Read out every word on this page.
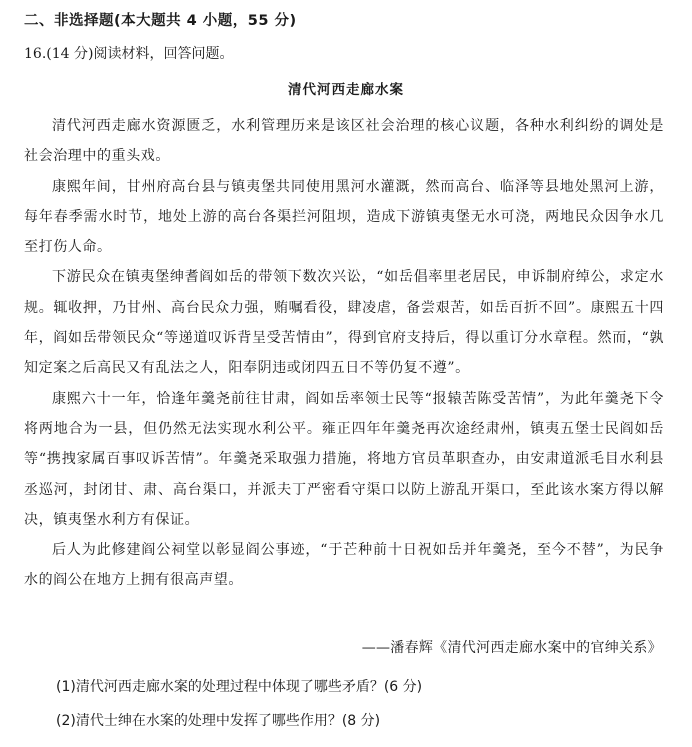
二、非选择题(本大题共 4 小题，55 分)
16.(14 分)阅读材料，回答问题。
清代河西走廊水案

清代河西走廊水资源匮乏，水利管理历来是该区社会治理的核心议题，各种水利纠纷的调处是社会治理中的重头戏。

康熙年间，甘州府高台县与镇夷堡共同使用黑河水灌溉，然而高台、临泽等县地处黑河上游，每年春季需水时节，地处上游的高台各渠拦河阻坝，造成下游镇夷堡无水可浇，两地民众因争水几至打伤人命。

下游民众在镇夷堡绅耆阎如岳的带领下数次兴讼，“如岳倡率里老居民，申诉制府绰公，求定水规。辄收押，乃甘州、高台民众力强，贿嘱看役，肆凌虐，备尝艰苦，如岳百折不回”。康熙五十四年，阎如岳带领民众“等递道叹诉背呈受苦情由”，得到官府支持后，得以重订分水章程。然而，“孰知定案之后高民又有乱法之人，阳奉阴违或闭四五日不等仍复不遵”。

康熙六十一年，恰逢年羹尧前往甘肃，阎如岳率领士民等“报辕苦陈受苦情”，为此年羹尧下令将两地合为一县，但仍然无法实现水利公平。雍正四年年羹尧再次途经肃州，镇夷五堡士民阎如岳等“携拽家属百事叹诉苦情”。年羹尧采取强力措施，将地方官员革职查办，由安肃道派毛目水利县丞巡河，封闭甘、肃、高台渠口，并派夫丁严密看守渠口以防上游乱开渠口，至此该水案方得以解决，镇夷堡水利方有保证。

后人为此修建阎公祠堂以彰显阎公事迹，“于芒种前十日祝如岳并年羹尧，至今不替”，为民争水的阎公在地方上拥有很高声望。

——潘春辉《清代河西走廊水案中的官绅关系》
(1)清代河西走廊水案的处理过程中体现了哪些矛盾？(6 分)
(2)清代士绅在水案的处理中发挥了哪些作用？(8 分)
